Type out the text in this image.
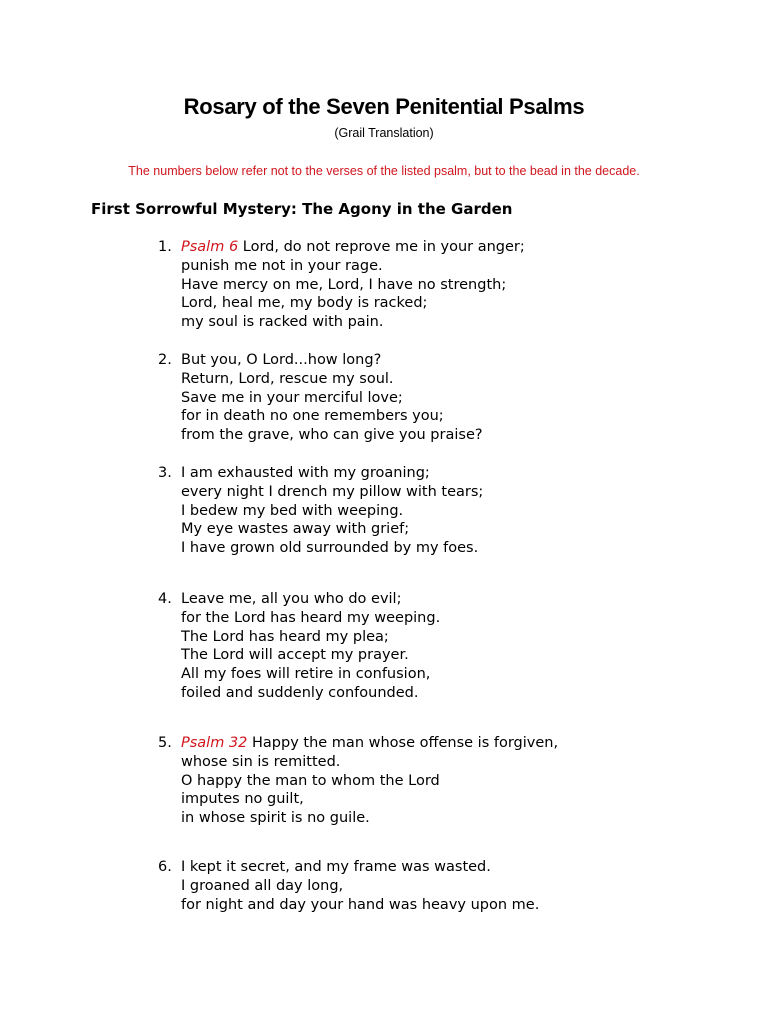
Rosary of the Seven Penitential Psalms
(Grail Translation)
The numbers below refer not to the verses of the listed psalm, but to the bead in the decade.
First Sorrowful Mystery: The Agony in the Garden
1. Psalm 6 Lord, do not reprove me in your anger;
punish me not in your rage.
Have mercy on me, Lord, I have no strength;
Lord, heal me, my body is racked;
my soul is racked with pain.
2. But you, O Lord...how long?
Return, Lord, rescue my soul.
Save me in your merciful love;
for in death no one remembers you;
from the grave, who can give you praise?
3. I am exhausted with my groaning;
every night I drench my pillow with tears;
I bedew my bed with weeping.
My eye wastes away with grief;
I have grown old surrounded by my foes.
4. Leave me, all you who do evil;
for the Lord has heard my weeping.
The Lord has heard my plea;
The Lord will accept my prayer.
All my foes will retire in confusion,
foiled and suddenly confounded.
5. Psalm 32 Happy the man whose offense is forgiven,
whose sin is remitted.
O happy the man to whom the Lord
imputes no guilt,
in whose spirit is no guile.
6. I kept it secret, and my frame was wasted.
I groaned all day long,
for night and day your hand was heavy upon me.
